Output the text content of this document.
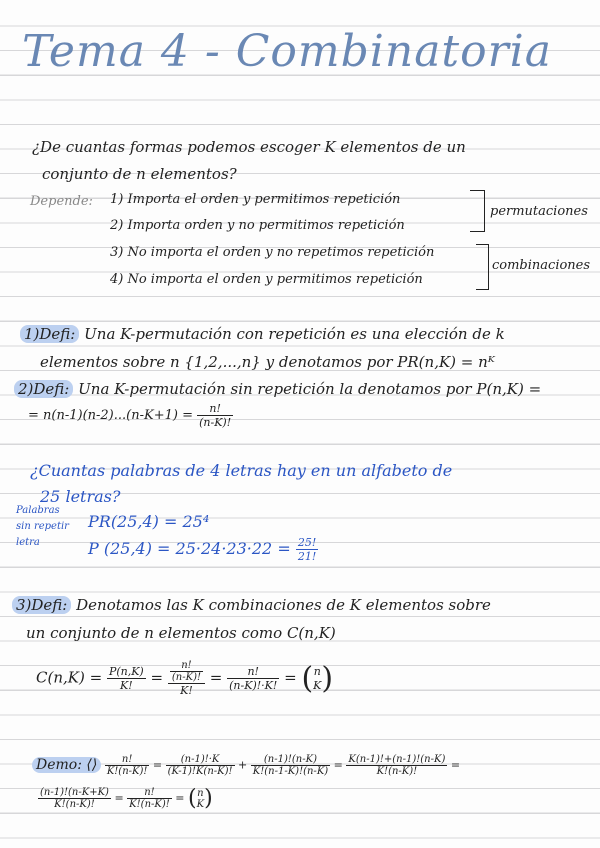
Tema 4 - Combinatoria
¿De cuantas formas podemos escoger K elementos de un
conjunto de n elementos?
Depende: 1) Importa el orden y permitimos repetición
2) Importa orden y no permitimos repetición
3) No importa el orden y no repetimos repetición
4) No importa el orden y permitimos repetición
permutaciones
combinaciones
1)Defi: Una K-permutación con repetición es una elección de k
elementos sobre n {1,2,...,n} y denotamos por PR(n,K) = nᴷ
2)Defi: Una K-permutación sin repetición la denotamos por P(n,K) =
= $n(n-1)(n-2)...(n-K+1) = \frac{n!}{(n-K)!}$
¿Cuantas palabras de 4 letras hay en un alfabeto de
25 letras?
Palabras
sin repetir
letra
PR(25,4) = 25⁴
P $(25,4) = 25\cdot 24\cdot 23\cdot 22 = \frac{25!}{21!}$
3)Defi: Denotamos las K combinaciones de K elementos sobre
un conjunto de n elementos como C(n,K)
$C(n,K) = \frac{P(n,K)}{K!} = \frac{\frac{n!}{(n-K)!}}{K!} = \frac{n!}{(n-K)!\cdot K!} = (n$
K)
Demo: ⟨⟩ $\frac{n!}{K!(n-K)!} = \frac{(n-1)!\cdot K}{(K-1)!K(n-K)!} + \frac{(n-1)!(n-K)}{K!(n-1-K)!(n-K)} = \frac{K(n-1)!+(n-1)!(n-K)}{K!(n-K)!}$ =
$\frac{(n-1)!(n-K+K)}{K!(n-K)!} = \frac{n!}{K!(n-K)!} = (n$
K)
